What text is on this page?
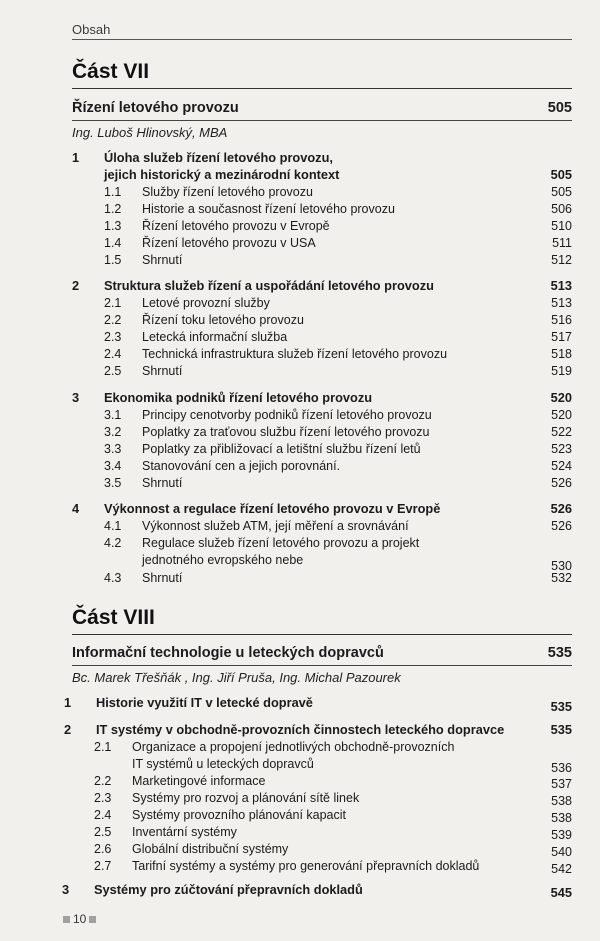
Obsah
Část VII
Řízení letového provozu	505
Ing. Luboš Hlinovský, MBA
1 Úloha služeb řízení letového provozu,
jejich historický a mezinárodní kontext	505
1.1 Služby řízení letového provozu	505
1.2 Historie a současnost řízení letového provozu	506
1.3 Řízení letového provozu v Evropě	510
1.4 Řízení letového provozu v USA	511
1.5 Shrnutí	512
2 Struktura služeb řízení a uspořádání letového provozu	513
2.1 Letové provozní služby	513
2.2 Řízení toku letového provozu	516
2.3 Letecká informační služba	517
2.4 Technická infrastruktura služeb řízení letového provozu	518
2.5 Shrnutí	519
3 Ekonomika podniků řízení letového provozu	520
3.1 Principy cenotvorby podniků řízení letového provozu	520
3.2 Poplatky za traťovou službu řízení letového provozu	522
3.3 Poplatky za přibližovací a letištní službu řízení letů	523
3.4 Stanovování cen a jejich porovnání.	524
3.5 Shrnutí	526
4 Výkonnost a regulace řízení letového provozu v Evropě	526
4.1 Výkonnost služeb ATM, její měření a srovnávání	526
4.2 Regulace služeb řízení letového provozu a projekt
jednotného evropského nebe	530
4.3 Shrnutí	532
Část VIII
Informační technologie u leteckých dopravců	535
Bc. Marek Třešňák , Ing. Jiří Pruša, Ing. Michal Pazourek
1 Historie využití IT v letecké dopravě	535
2 IT systémy v obchodně-provozních činnostech leteckého dopravce	535
2.1 Organizace a propojení jednotlivých obchodně-provozních
IT systémů u leteckých dopravců	536
2.2 Marketingové informace	537
2.3 Systémy pro rozvoj a plánování sítě linek	538
2.4 Systémy provozního plánování kapacit	538
2.5 Inventární systémy	539
2.6 Globální distribuční systémy	540
2.7 Tarifní systémy a systémy pro generování přepravních dokladů	542
3 Systémy pro zúčtování přepravních dokladů	545
10
